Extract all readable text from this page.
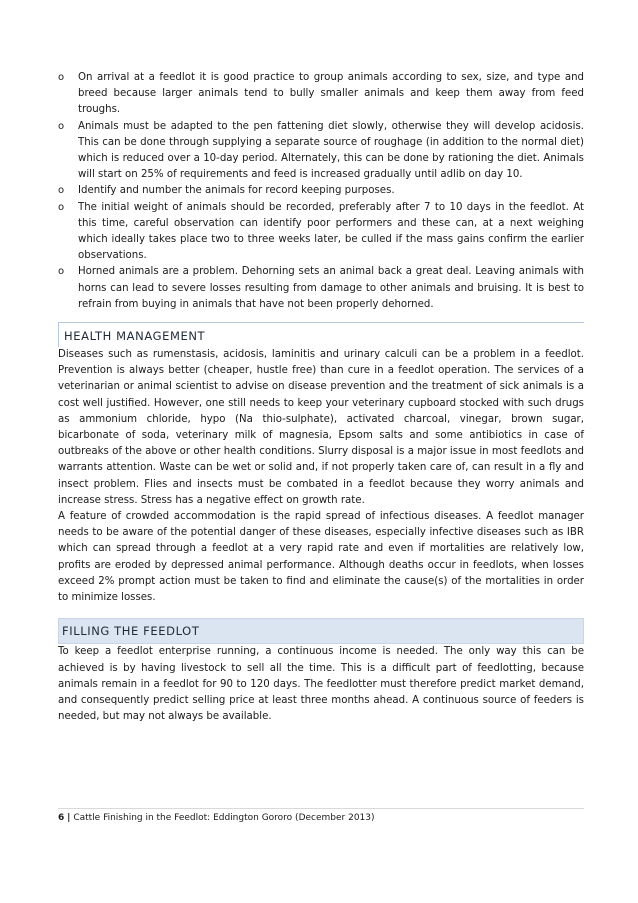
o On arrival at a feedlot it is good practice to group animals according to sex, size, and type and breed because larger animals tend to bully smaller animals and keep them away from feed troughs.
o Animals must be adapted to the pen fattening diet slowly, otherwise they will develop acidosis. This can be done through supplying a separate source of roughage (in addition to the normal diet) which is reduced over a 10-day period. Alternately, this can be done by rationing the diet. Animals will start on 25% of requirements and feed is increased gradually until adlib on day 10.
o Identify and number the animals for record keeping purposes.
o The initial weight of animals should be recorded, preferably after 7 to 10 days in the feedlot. At this time, careful observation can identify poor performers and these can, at a next weighing which ideally takes place two to three weeks later, be culled if the mass gains confirm the earlier observations.
o Horned animals are a problem. Dehorning sets an animal back a great deal. Leaving animals with horns can lead to severe losses resulting from damage to other animals and bruising. It is best to refrain from buying in animals that have not been properly dehorned.
HEALTH MANAGEMENT

Diseases such as rumenstasis, acidosis, laminitis and urinary calculi can be a problem in a feedlot. Prevention is always better (cheaper, hustle free) than cure in a feedlot operation. The services of a veterinarian or animal scientist to advise on disease prevention and the treatment of sick animals is a cost well justified. However, one still needs to keep your veterinary cupboard stocked with such drugs as ammonium chloride, hypo (Na thio-sulphate), activated charcoal, vinegar, brown sugar, bicarbonate of soda, veterinary milk of magnesia, Epsom salts and some antibiotics in case of outbreaks of the above or other health conditions. Slurry disposal is a major issue in most feedlots and warrants attention. Waste can be wet or solid and, if not properly taken care of, can result in a fly and insect problem. Flies and insects must be combated in a feedlot because they worry animals and increase stress. Stress has a negative effect on growth rate.

A feature of crowded accommodation is the rapid spread of infectious diseases. A feedlot manager needs to be aware of the potential danger of these diseases, especially infective diseases such as IBR which can spread through a feedlot at a very rapid rate and even if mortalities are relatively low, profits are eroded by depressed animal performance. Although deaths occur in feedlots, when losses exceed 2% prompt action must be taken to find and eliminate the cause(s) of the mortalities in order to minimize losses.

FILLING THE FEEDLOT

To keep a feedlot enterprise running, a continuous income is needed. The only way this can be achieved is by having livestock to sell all the time. This is a difficult part of feedlotting, because animals remain in a feedlot for 90 to 120 days. The feedlotter must therefore predict market demand, and consequently predict selling price at least three months ahead. A continuous source of feeders is needed, but may not always be available.

6 | Cattle Finishing in the Feedlot: Eddington Gororo (December 2013)
